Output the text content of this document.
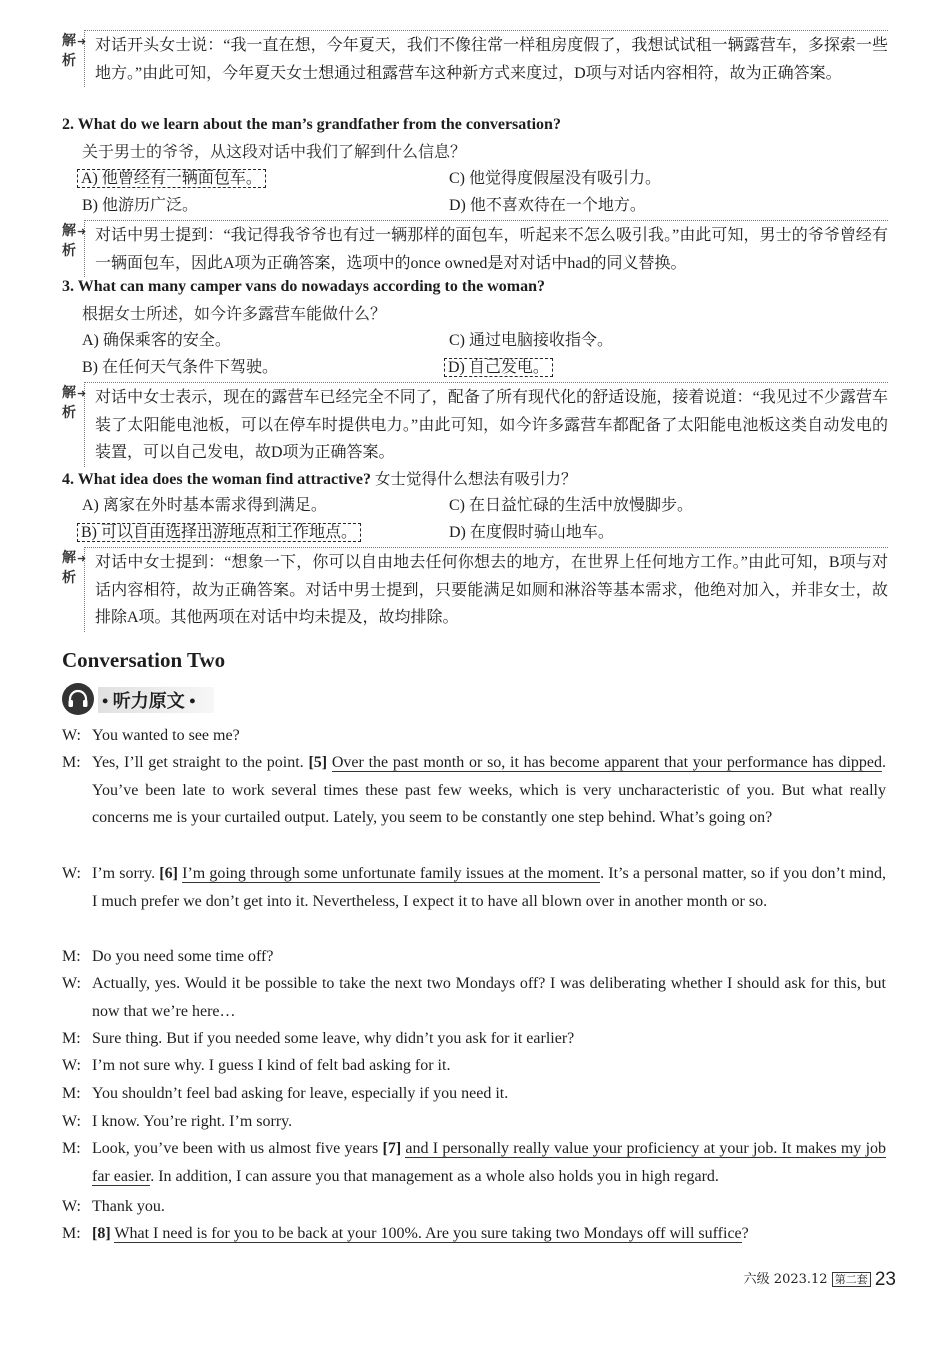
解析
➜ 对话开头女士说：“我一直在想，今年夏天，我们不像往常一样租房度假了，我想试试租一辆露营车，多探索一些地方。”由此可知，今年夏天女士想通过租露营车这种新方式来度过，D项与对话内容相符，故为正确答案。
2. What do we learn about the man’s grandfather from the conversation?
关于男士的爷爷，从这段对话中我们了解到什么信息？
A) 他曾经有一辆面包车。	C) 他觉得度假屋没有吸引力。
B) 他游历广泛。	D) 他不喜欢待在一个地方。
解析
➜ 对话中男士提到：“我记得我爷爷也有过一辆那样的面包车，听起来不怎么吸引我。”由此可知，男士的爷爷曾经有一辆面包车，因此A项为正确答案，选项中的once owned是对对话中had的同义替换。
3. What can many camper vans do nowadays according to the woman?
根据女士所述，如今许多露营车能做什么？
A) 确保乘客的安全。	C) 通过电脑接收指令。
B) 在任何天气条件下驾驶。	D) 自己发电。
解析
➜ 对话中女士表示，现在的露营车已经完全不同了，配备了所有现代化的舒适设施，接着说道：“我见过不少露营车装了太阳能电池板，可以在停车时提供电力。”由此可知，如今许多露营车都配备了太阳能电池板这类自动发电的装置，可以自己发电，故D项为正确答案。
4. What idea does the woman find attractive? 女士觉得什么想法有吸引力？
A) 离家在外时基本需求得到满足。	C) 在日益忙碌的生活中放慢脚步。
B) 可以自由选择出游地点和工作地点。	D) 在度假时骑山地车。
解析
➜ 对话中女士提到：“想象一下，你可以自由地去任何你想去的地方，在世界上任何地方工作。”由此可知，B项与对话内容相符，故为正确答案。对话中男士提到，只要能满足如厕和淋浴等基本需求，他绝对加入，并非女士，故排除A项。其他两项在对话中均未提及，故均排除。
Conversation Two
• 听力原文 •
W: You wanted to see me?
M: Yes, I’ll get straight to the point. [5] Over the past month or so, it has become apparent that your performance has dipped. You’ve been late to work several times these past few weeks, which is very uncharacteristic of you. But what really concerns me is your curtailed output. Lately, you seem to be constantly one step behind. What’s going on?
W: I’m sorry. [6] I’m going through some unfortunate family issues at the moment. It’s a personal matter, so if you don’t mind, I much prefer we don’t get into it. Nevertheless, I expect it to have all blown over in another month or so.
M: Do you need some time off?
W: Actually, yes. Would it be possible to take the next two Mondays off? I was deliberating whether I should ask for this, but now that we’re here…
M: Sure thing. But if you needed some leave, why didn’t you ask for it earlier?
W: I’m not sure why. I guess I kind of felt bad asking for it.
M: You shouldn’t feel bad asking for leave, especially if you need it.
W: I know. You’re right. I’m sorry.
M: Look, you’ve been with us almost five years [7] and I personally really value your proficiency at your job. It makes my job far easier. In addition, I can assure you that management as a whole also holds you in high regard.
W: Thank you.
M: [8] What I need is for you to be back at your 100%. Are you sure taking two Mondays off will suffice?
六级 2023.12 第二套 23
